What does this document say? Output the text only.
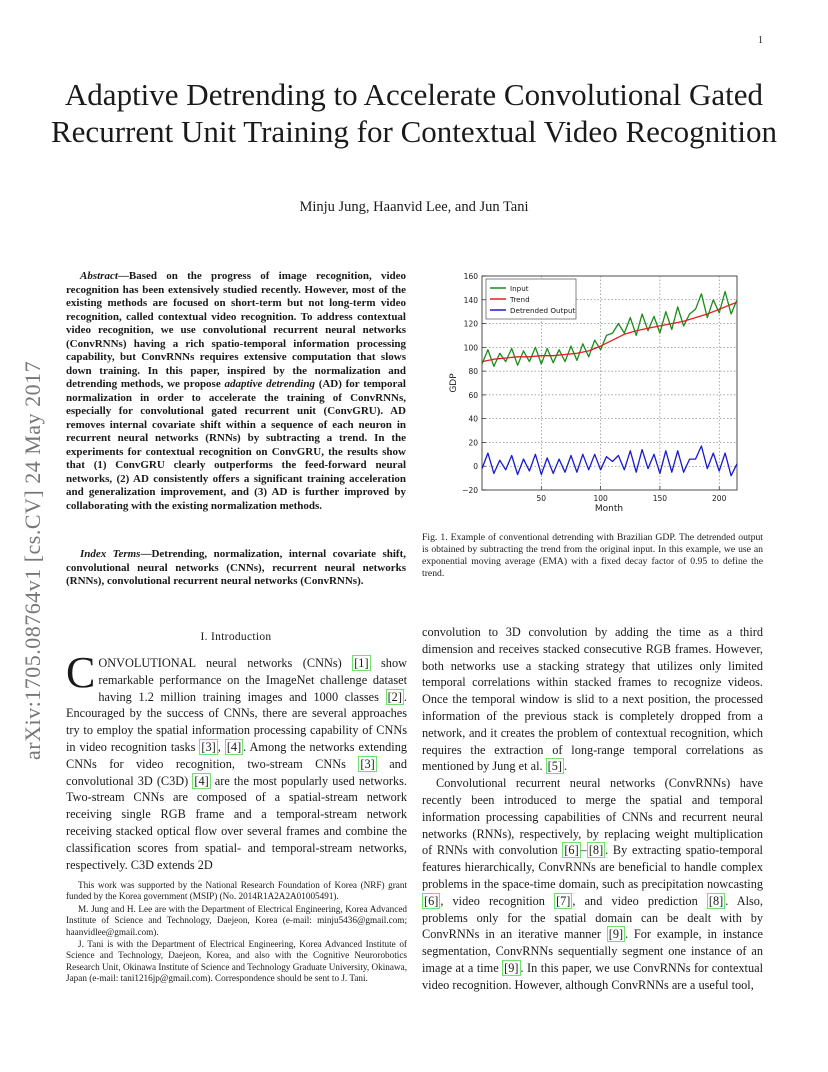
1
Adaptive Detrending to Accelerate Convolutional Gated Recurrent Unit Training for Contextual Video Recognition
Minju Jung, Haanvid Lee, and Jun Tani
arXiv:1705.08764v1 [cs.CV] 24 May 2017
Abstract—Based on the progress of image recognition, video recognition has been extensively studied recently. However, most of the existing methods are focused on short-term but not long-term video recognition, called contextual video recognition. To address contextual video recognition, we use convolutional recurrent neural networks (ConvRNNs) having a rich spatio-temporal information processing capability, but ConvRNNs requires extensive computation that slows down training. In this paper, inspired by the normalization and detrending methods, we propose adaptive detrending (AD) for temporal normalization in order to accelerate the training of ConvRNNs, especially for convolutional gated recurrent unit (ConvGRU). AD removes internal covariate shift within a sequence of each neuron in recurrent neural networks (RNNs) by subtracting a trend. In the experiments for contextual recognition on ConvGRU, the results show that (1) ConvGRU clearly outperforms the feed-forward neural networks, (2) AD consistently offers a significant training acceleration and generalization improvement, and (3) AD is further improved by collaborating with the existing normalization methods.
Index Terms—Detrending, normalization, internal covariate shift, convolutional neural networks (CNNs), recurrent neural networks (RNNs), convolutional recurrent neural networks (ConvRNNs).
I. Introduction
CONVOLUTIONAL neural networks (CNNs) [1] show remarkable performance on the ImageNet challenge dataset having 1.2 million training images and 1000 classes [2] . Encouraged by the success of CNNs, there are several approaches try to employ the spatial information processing capability of CNNs in video recognition tasks [3] , [4] . Among the networks extending CNNs for video recognition, two-stream CNNs [3] and convolutional 3D (C3D) [4] are the most popularly used networks. Two-stream CNNs are composed of a spatial-stream network receiving single RGB frame and a temporal-stream network receiving stacked optical flow over several frames and combine the classification scores from spatial- and temporal-stream networks, respectively. C3D extends 2D

This work was supported by the National Research Foundation of Korea (NRF) grant funded by the Korea government (MSIP) (No. 2014R1A2A2A01005491).

M. Jung and H. Lee are with the Department of Electrical Engineering, Korea Advanced Institute of Science and Technology, Daejeon, Korea (e-mail: minju5436@gmail.com; haanvidlee@gmail.com).

J. Tani is with the Department of Electrical Engineering, Korea Advanced Institute of Science and Technology, Daejeon, Korea, and also with the Cognitive Neurorobotics Research Unit, Okinawa Institute of Science and Technology Graduate University, Okinawa, Japan (e-mail: tani1216jp@gmail.com). Correspondence should be sent to J. Tani.

−20
0
20
40
60
80
100
120
140
160
50	100	150	200
Input
Trend
Detrended Output
Month
GDP
Fig. 1. Example of conventional detrending with Brazilian GDP. The detrended output is obtained by subtracting the trend from the original input. In this example, we use an exponential moving average (EMA) with a fixed decay factor of 0.95 to define the trend.

convolution to 3D convolution by adding the time as a third dimension and receives stacked consecutive RGB frames. However, both networks use a stacking strategy that utilizes only limited temporal correlations within stacked frames to recognize videos. Once the temporal window is slid to a next position, the processed information of the previous stack is completely dropped from a network, and it creates the problem of contextual recognition, which requires the extraction of long-range temporal correlations as mentioned by Jung et al. [5] .

Convolutional recurrent neural networks (ConvRNNs) have recently been introduced to merge the spatial and temporal information processing capabilities of CNNs and recurrent neural networks (RNNs), respectively, by replacing weight multiplication of RNNs with convolution [6] – [8] . By extracting spatio-temporal features hierarchically, ConvRNNs are beneficial to handle complex problems in the space-time domain, such as precipitation nowcasting [6] , video recognition [7] , and video prediction [8] . Also, problems only for the spatial domain can be dealt with by ConvRNNs in an iterative manner [9] . For example, in instance segmentation, ConvRNNs sequentially segment one instance of an image at a time [9] . In this paper, we use ConvRNNs for contextual video recognition. However, although ConvRNNs are a useful tool,
